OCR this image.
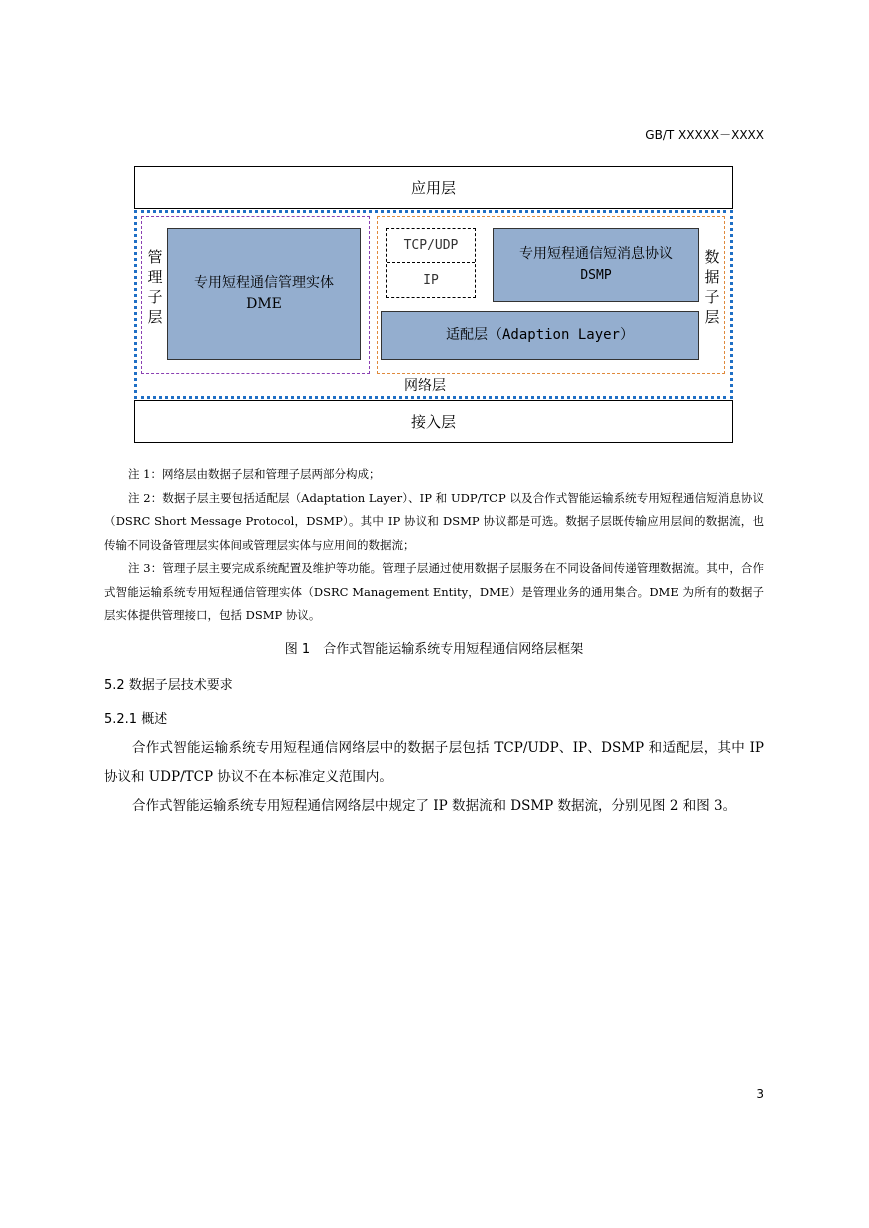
GB/T XXXXX－XXXX
应用层
管
理
子
层
专用短程通信管理实体
DME
TCP/UDP
IP
专用短程通信短消息协议
DSMP
适配层（Adaption Layer）
数
据
子
层
网络层
接入层

注 1：网络层由数据子层和管理子层两部分构成；

注 2：数据子层主要包括适配层（Adaptation Layer）、IP 和 UDP/TCP 以及合作式智能运输系统专用短程通信短消息协议（DSRC Short Message Protocol，DSMP）。其中 IP 协议和 DSMP 协议都是可选。数据子层既传输应用层间的数据流，也传输不同设备管理层实体间或管理层实体与应用间的数据流；

注 3：管理子层主要完成系统配置及维护等功能。管理子层通过使用数据子层服务在不同设备间传递管理数据流。其中，合作式智能运输系统专用短程通信管理实体（DSRC Management Entity，DME）是管理业务的通用集合。DME 为所有的数据子层实体提供管理接口，包括 DSMP 协议。

图 1　合作式智能运输系统专用短程通信网络层框架
5.2 数据子层技术要求
5.2.1 概述

合作式智能运输系统专用短程通信网络层中的数据子层包括 TCP/UDP、IP、DSMP 和适配层，其中 IP 协议和 UDP/TCP 协议不在本标准定义范围内。

合作式智能运输系统专用短程通信网络层中规定了 IP 数据流和 DSMP 数据流，分别见图 2 和图 3。

3
